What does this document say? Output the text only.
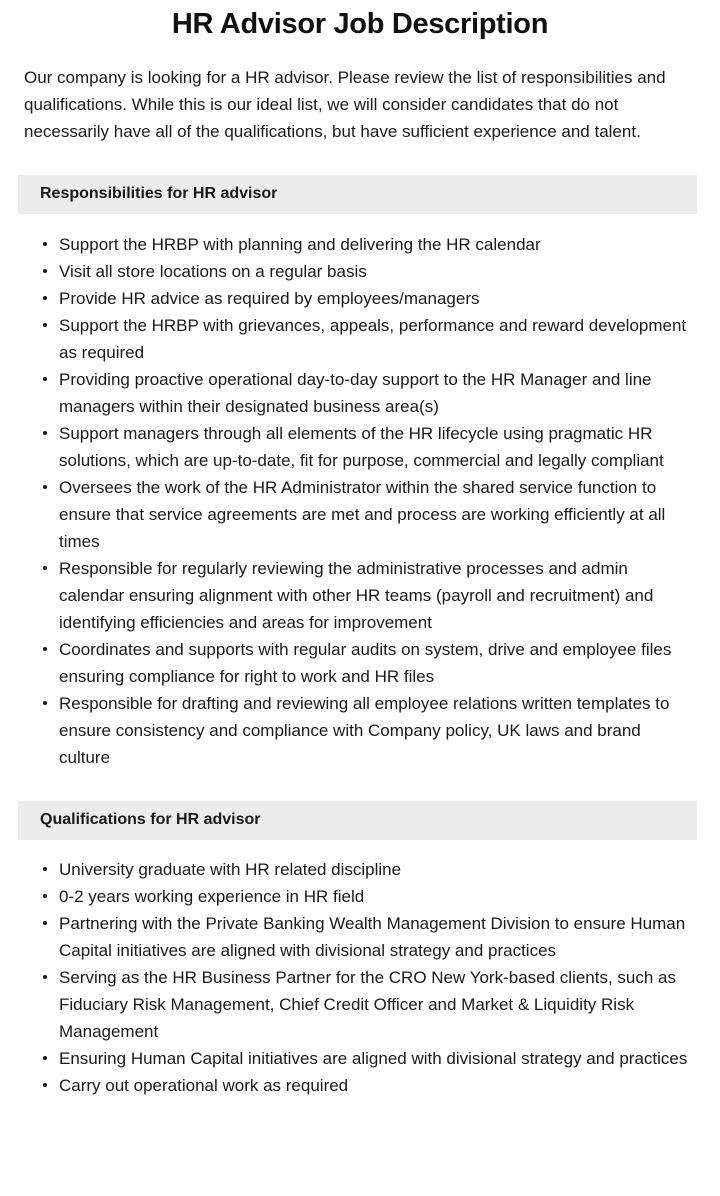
HR Advisor Job Description

Our company is looking for a HR advisor. Please review the list of responsibilities and qualifications. While this is our ideal list, we will consider candidates that do not necessarily have all of the qualifications, but have sufficient experience and talent.

Responsibilities for HR advisor
Support the HRBP with planning and delivering the HR calendar
Visit all store locations on a regular basis
Provide HR advice as required by employees/managers
Support the HRBP with grievances, appeals, performance and reward development as required
Providing proactive operational day-to-day support to the HR Manager and line managers within their designated business area(s)
Support managers through all elements of the HR lifecycle using pragmatic HR solutions, which are up-to-date, fit for purpose, commercial and legally compliant
Oversees the work of the HR Administrator within the shared service function to ensure that service agreements are met and process are working efficiently at all times
Responsible for regularly reviewing the administrative processes and admin calendar ensuring alignment with other HR teams (payroll and recruitment) and identifying efficiencies and areas for improvement
Coordinates and supports with regular audits on system, drive and employee files ensuring compliance for right to work and HR files
Responsible for drafting and reviewing all employee relations written templates to ensure consistency and compliance with Company policy, UK laws and brand culture
Qualifications for HR advisor
University graduate with HR related discipline
0-2 years working experience in HR field
Partnering with the Private Banking Wealth Management Division to ensure Human Capital initiatives are aligned with divisional strategy and practices
Serving as the HR Business Partner for the CRO New York-based clients, such as Fiduciary Risk Management, Chief Credit Officer and Market & Liquidity Risk Management
Ensuring Human Capital initiatives are aligned with divisional strategy and practices
Carry out operational work as required
